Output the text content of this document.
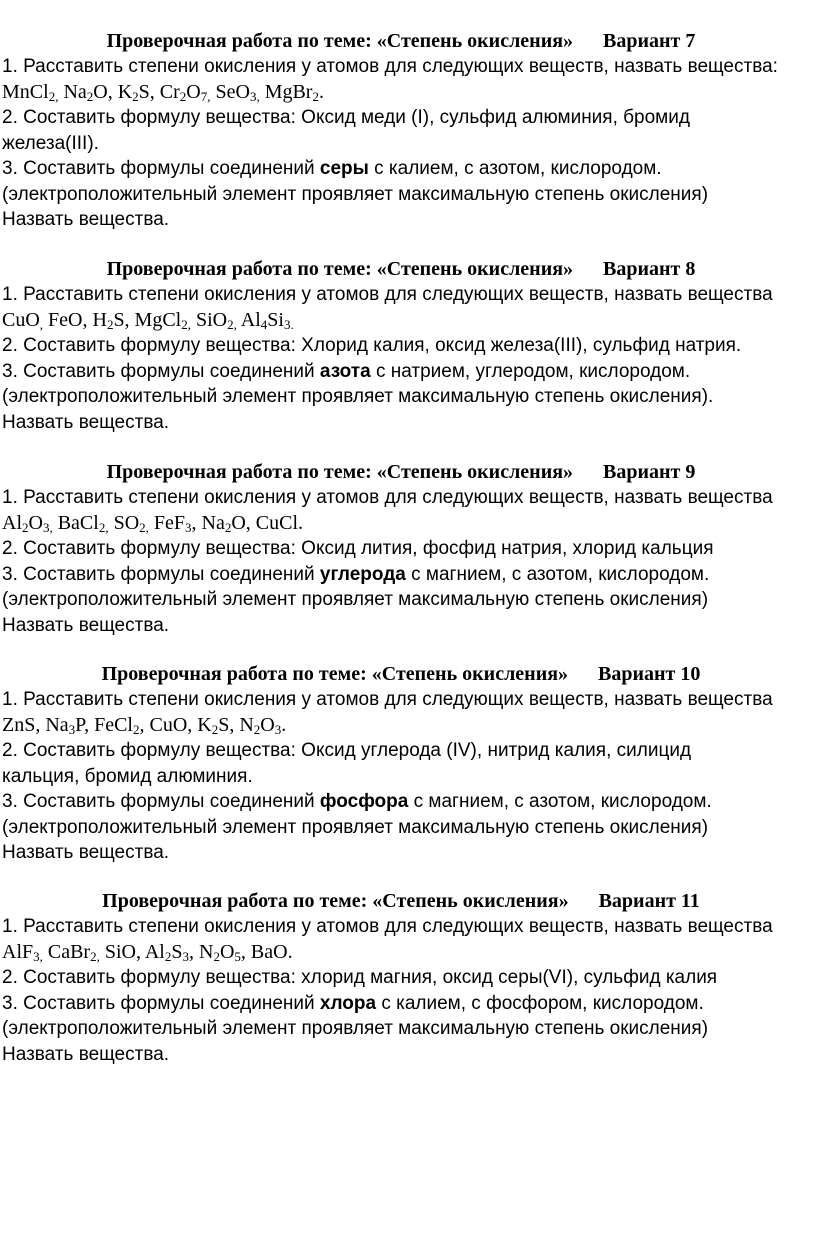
Проверочная работа по теме: «Степень окисления»      Вариант 7
1. Расставить степени окисления у атомов для следующих веществ, назвать вещества:
MnCl$_{2,}$ $Na_2O$, $K_2S$, $Cr_2O_{7,}$ SeO$_{3,}$ MgBr$_2$.
2. Составить формулу вещества: Оксид меди (I), сульфид алюминия, бромид
железа(III).
3. Составить формулы соединений серы с калием, с азотом, кислородом.
(электроположительный элемент проявляет максимальную степень окисления)
Назвать вещества.
Проверочная работа по теме: «Степень окисления»      Вариант 8
1. Расставить степени окисления у атомов для следующих веществ, назвать вещества
CuO$_,$ FeO, $H_2S$, MgCl$_{2,}$ SiO$_{2,}$ $Al_4Si_{3.}$
2. Составить формулу вещества: Хлорид калия, оксид железа(III), сульфид натрия.
3. Составить формулы соединений азота с натрием, углеродом, кислородом.
(электроположительный элемент проявляет максимальную степень окисления).
Назвать вещества.
Проверочная работа по теме: «Степень окисления»      Вариант 9
1. Расставить степени окисления у атомов для следующих веществ, назвать вещества
$Al_2O_{3,}$ BaCl$_{2,}$ $SO_{2,}$ FeF$_3$, $Na_2O$, CuCl.
2. Составить формулу вещества: Оксид лития, фосфид натрия, хлорид кальция
3. Составить формулы соединений углерода с магнием, с азотом, кислородом.
(электроположительный элемент проявляет максимальную степень окисления)
Назвать вещества.
Проверочная работа по теме: «Степень окисления»      Вариант 10
1. Расставить степени окисления у атомов для следующих веществ, назвать вещества
ZnS, $Na_3P$, FeCl$_2$, CuO, $K_2S$, $N_2O_3$.
2. Составить формулу вещества: Оксид углерода (IV), нитрид калия, силицид
кальция, бромид алюминия.
3. Составить формулы соединений фосфора с магнием, с азотом, кислородом.
(электроположительный элемент проявляет максимальную степень окисления)
Назвать вещества.
Проверочная работа по теме: «Степень окисления»      Вариант 11
1. Расставить степени окисления у атомов для следующих веществ, назвать вещества
AlF$_{3,}$ CaBr$_{2,}$ SiO, $Al_2S_3$, $N_2O_5$, BaO.
2. Составить формулу вещества: хлорид магния, оксид серы(VI), сульфид калия
3. Составить формулы соединений хлора с калием, с фосфором, кислородом.
(электроположительный элемент проявляет максимальную степень окисления)
Назвать вещества.
